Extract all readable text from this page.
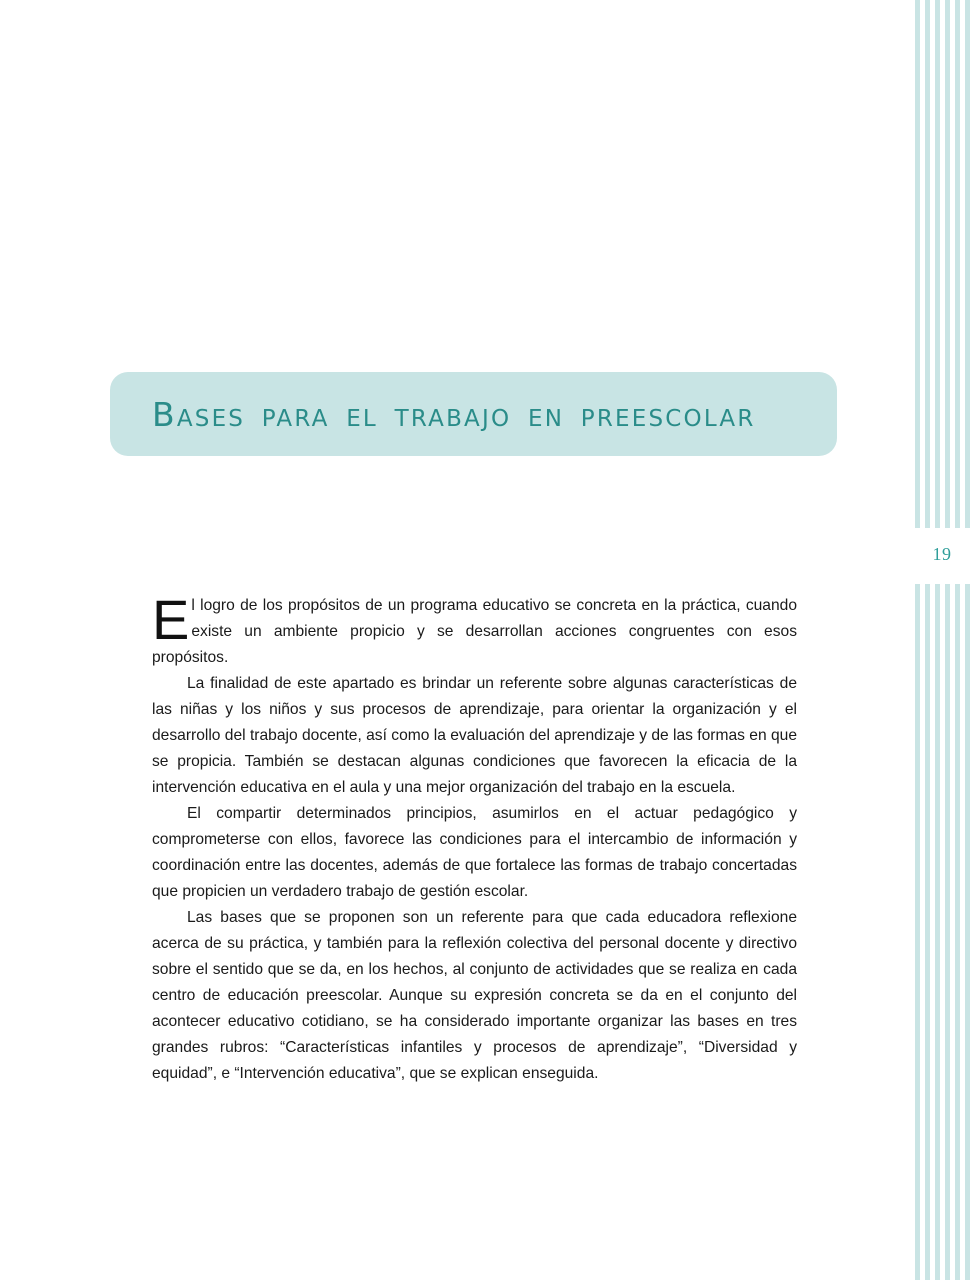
19
Bases para el trabajo en preescolar

El logro de los propósitos de un programa educativo se concreta en la práctica, cuando existe un ambiente propicio y se desarrollan acciones congruentes con esos propósitos.

La finalidad de este apartado es brindar un referente sobre algunas características de las niñas y los niños y sus procesos de aprendizaje, para orientar la organización y el desarrollo del trabajo docente, así como la evaluación del aprendizaje y de las formas en que se propicia. También se destacan algunas condiciones que favorecen la eficacia de la intervención educativa en el aula y una mejor organización del trabajo en la escuela.

El compartir determinados principios, asumirlos en el actuar pedagógico y comprometerse con ellos, favorece las condiciones para el intercambio de información y coordinación entre las docentes, además de que fortalece las formas de trabajo concertadas que propicien un verdadero trabajo de gestión escolar.

Las bases que se proponen son un referente para que cada educadora reflexione acerca de su práctica, y también para la reflexión colectiva del personal docente y directivo sobre el sentido que se da, en los hechos, al conjunto de actividades que se realiza en cada centro de educación preescolar. Aunque su expresión concreta se da en el conjunto del acontecer educativo cotidiano, se ha considerado importante organizar las bases en tres grandes rubros: “Características infantiles y procesos de aprendizaje”, “Diversidad y equidad”, e “Intervención educativa”, que se explican enseguida.
